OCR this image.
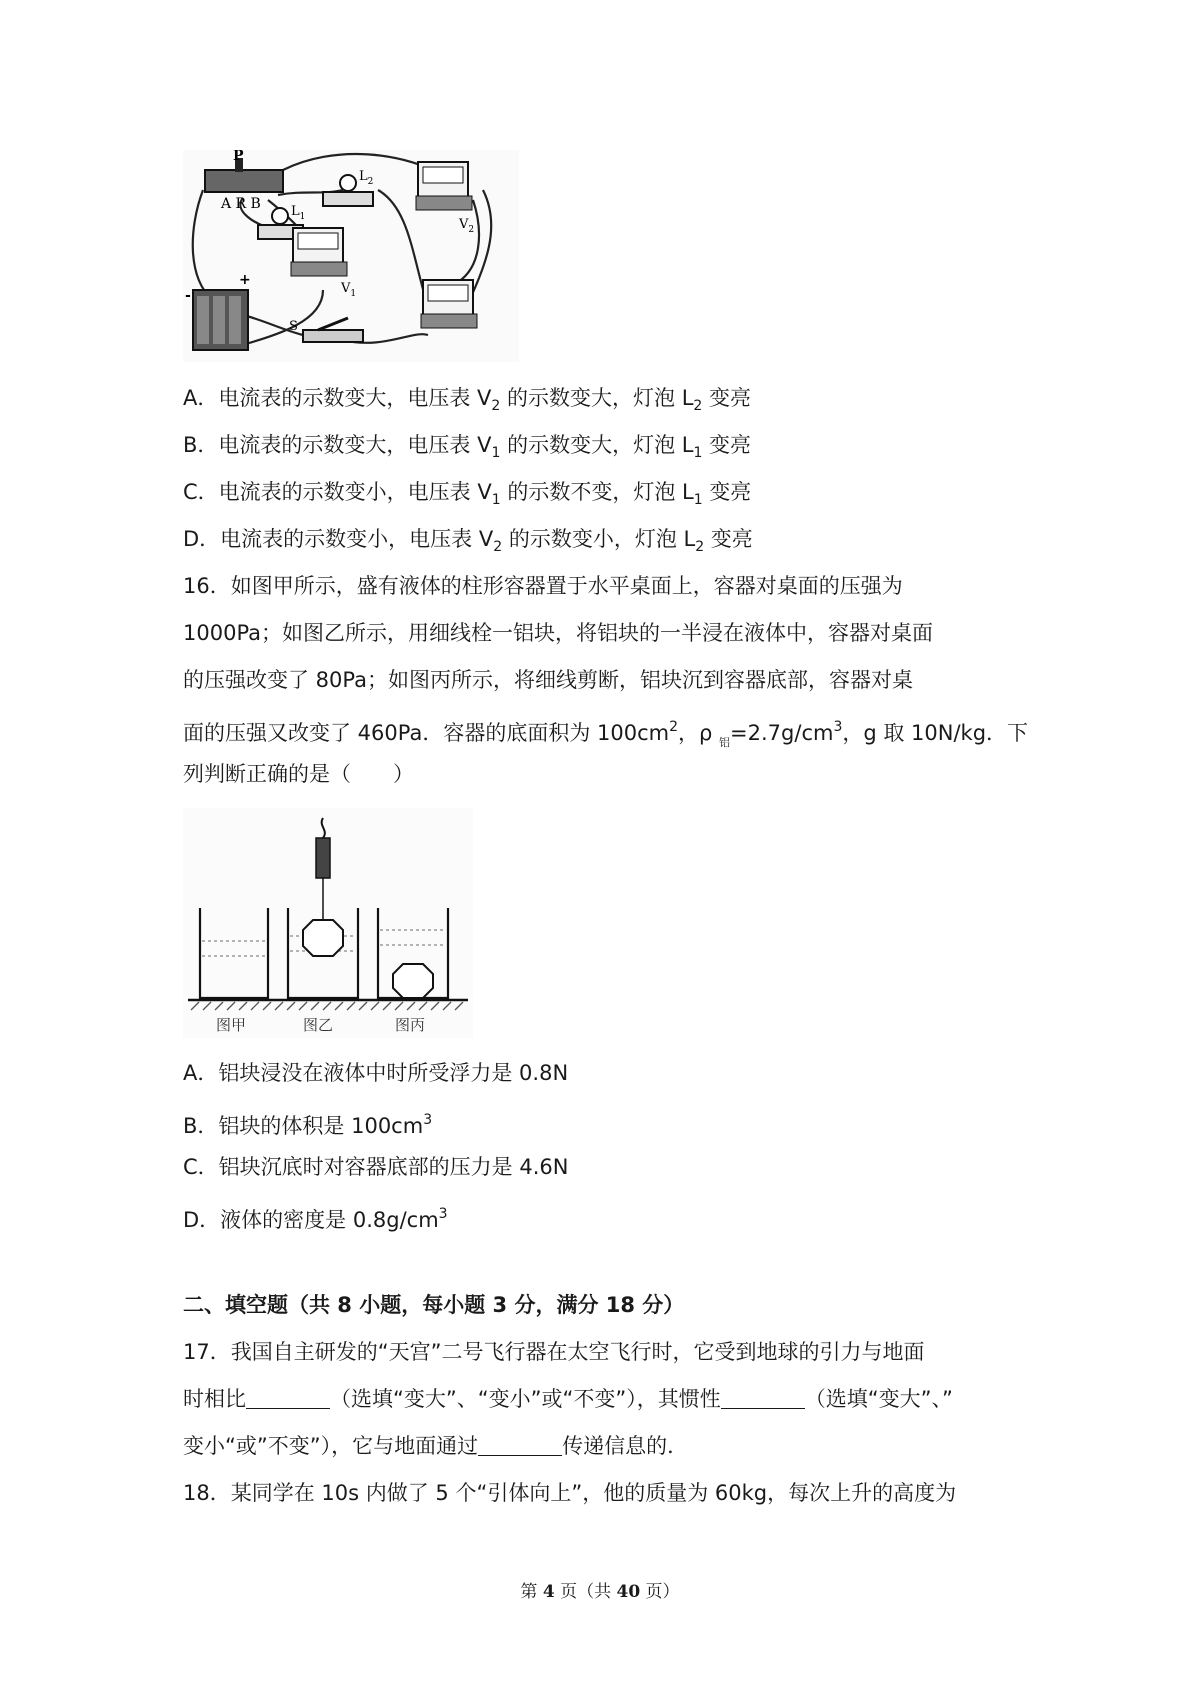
P
A R B $L_1$
$L_2$
$V_1$
$V_2$
-
+
S
A．电流表的示数变大，电压表 $V_2$ 的示数变大，灯泡 $L_2$ 变亮
B．电流表的示数变大，电压表 $V_1$ 的示数变大，灯泡 $L_1$ 变亮
C．电流表的示数变小，电压表 $V_1$ 的示数不变，灯泡 $L_1$ 变亮
D．电流表的示数变小，电压表 $V_2$ 的示数变小，灯泡 $L_2$ 变亮
16．如图甲所示，盛有液体的柱形容器置于水平桌面上，容器对桌面的压强为
1000Pa；如图乙所示，用细线栓一铝块，将铝块的一半浸在液体中，容器对桌面
的压强改变了 80Pa；如图丙所示，将细线剪断，铝块沉到容器底部，容器对桌
面的压强又改变了 460Pa．容器的底面积为 $100cm^2$，ρ $_铝=2.7g/cm^3$，g 取 10N/kg．下
列判断正确的是（　　）
图甲	图乙	图丙
A．铝块浸没在液体中时所受浮力是 0.8N
B．铝块的体积是 $100cm^3$
C．铝块沉底时对容器底部的压力是 4.6N
D．液体的密度是 $0.8g/cm^3$
二、填空题（共 8 小题，每小题 3 分，满分 18 分）
17．我国自主研发的“天宫”二号飞行器在太空飞行时，它受到地球的引力与地面
时相比	（选填“变大”、“变小”或“不变”），其惯性	（选填“变大”、”
变小“或”不变”），它与地面通过	传递信息的．
18．某同学在 10s 内做了 5 个“引体向上”，他的质量为 60kg，每次上升的高度为
第 4 页（共 40 页）
